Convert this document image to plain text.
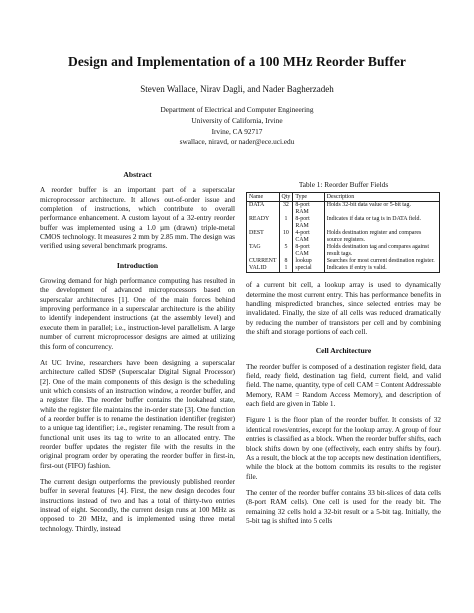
Design and Implementation of a 100 MHz Reorder Buffer
Steven Wallace, Nirav Dagli, and Nader Bagherzadeh
Department of Electrical and Computer Engineering
University of California, Irvine
Irvine, CA 92717
swallace, niravd, or nader@ece.uci.edu
Abstract

A reorder buffer is an important part of a superscalar microprocessor architecture. It allows out-of-order issue and completion of instructions, which contribute to overall performance enhancement. A custom layout of a 32-entry reorder buffer was implemented using a 1.0 µm (drawn) triple-metal CMOS technology. It measures 2 mm by 2.85 mm. The design was verified using several benchmark programs.

Introduction

Growing demand for high performance computing has resulted in the development of advanced microprocessors based on superscalar architectures [1]. One of the main forces behind improving performance in a superscalar architecture is the ability to identify independent instructions (at the assembly level) and execute them in parallel; i.e., instruction-level parallelism. A large number of current microprocessor designs are aimed at utilizing this form of concurrency.

At UC Irvine, researchers have been designing a superscalar architecture called SDSP (Superscalar Digital Signal Processor) [2]. One of the main components of this design is the scheduling unit which consists of an instruction window, a reorder buffer, and a register file. The reorder buffer contains the lookahead state, while the register file maintains the in-order state [3]. One function of a reorder buffer is to rename the destination identifier (register) to a unique tag identifier; i.e., register renaming. The result from a functional unit uses its tag to write to an allocated entry. The reorder buffer updates the register file with the results in the original program order by operating the reorder buffer in first-in, first-out (FIFO) fashion.

The current design outperforms the previously published reorder buffer in several features [4]. First, the new design decodes four instructions instead of two and has a total of thirty-two entries instead of eight. Secondly, the current design runs at 100 MHz as opposed to 20 MHz, and is implemented using three metal technology. Thirdly, instead

Table 1: Reorder Buffer Fields
Name	Qty	Type	Description
DATA	32	8-port RAM	Holds 32-bit data value or 5-bit tag.
READY	1	8-port RAM	Indicates if data or tag is in DATA field.
DEST	10	4-port CAM	Holds destination register and compares source registers.
TAG	5	8-port CAM	Holds destination tag and compares against result tags.
CURRENT	8	lookup	Searches for most current destination register.
VALID	1	special	Indicates if entry is valid.

of a current bit cell, a lookup array is used to dynamically determine the most current entry. This has performance benefits in handling mispredicted branches, since selected entries may be invalidated. Finally, the size of all cells was reduced dramatically by reducing the number of transistors per cell and by combining the shift and storage portions of each cell.

Cell Architecture

The reorder buffer is composed of a destination register field, data field, ready field, destination tag field, current field, and valid field. The name, quantity, type of cell CAM = Content Addressable Memory, RAM = Random Access Memory), and description of each field are given in Table 1.

Figure 1 is the floor plan of the reorder buffer. It consists of 32 identical rows/entries, except for the lookup array. A group of four entries is classified as a block. When the reorder buffer shifts, each block shifts down by one (effectively, each entry shifts by four). As a result, the block at the top accepts new destination identifiers, while the block at the bottom commits its results to the register file.

The center of the reorder buffer contains 33 bit-slices of data cells (8-port RAM cells). One cell is used for the ready bit. The remaining 32 cells hold a 32-bit result or a 5-bit tag. Initially, the 5-bit tag is shifted into 5 cells
